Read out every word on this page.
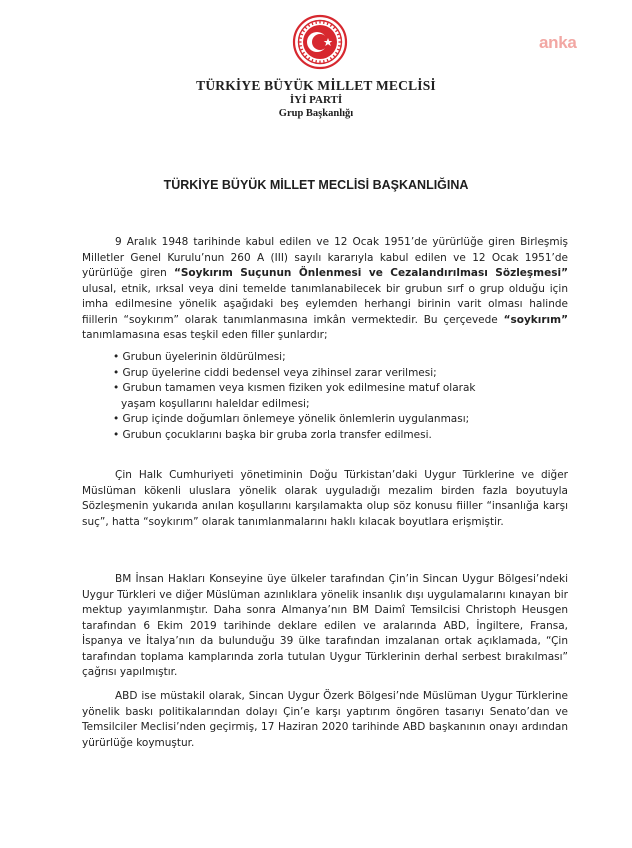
anka
TÜRKİYE BÜYÜK MİLLET MECLİSİ
İYİ PARTİ
Grup Başkanlığı
TÜRKİYE BÜYÜK MİLLET MECLİSİ BAŞKANLIĞINA

9 Aralık 1948 tarihinde kabul edilen ve 12 Ocak 1951’de yürürlüğe giren Birleşmiş Milletler Genel Kurulu’nun 260 A (III) sayılı kararıyla kabul edilen ve 12 Ocak 1951’de yürürlüğe giren “Soykırım Suçunun Önlenmesi ve Cezalandırılması Sözleşmesi” ulusal, etnik, ırksal veya dini temelde tanımlanabilecek bir grubun sırf o grup olduğu için imha edilmesine yönelik aşağıdaki beş eylemden herhangi birinin varit olması halinde fiillerin “soykırım” olarak tanımlanmasına imkân vermektedir. Bu çerçevede “soykırım” tanımlamasına esas teşkil eden filler şunlardır;

• Grubun üyelerinin öldürülmesi;
• Grup üyelerine ciddi bedensel veya zihinsel zarar verilmesi;
• Grubun tamamen veya kısmen fiziken yok edilmesine matuf olarak
yaşam koşullarını haleldar edilmesi;
• Grup içinde doğumları önlemeye yönelik önlemlerin uygulanması;
• Grubun çocuklarını başka bir gruba zorla transfer edilmesi.

Çin Halk Cumhuriyeti yönetiminin Doğu Türkistan’daki Uygur Türklerine ve diğer Müslüman kökenli uluslara yönelik olarak uyguladığı mezalim birden fazla boyutuyla Sözleşmenin yukarıda anılan koşullarını karşılamakta olup söz konusu fiiller “insanlığa karşı suç”, hatta “soykırım” olarak tanımlanmalarını haklı kılacak boyutlara erişmiştir.

BM İnsan Hakları Konseyine üye ülkeler tarafından Çin’in Sincan Uygur Bölgesi’ndeki Uygur Türkleri ve diğer Müslüman azınlıklara yönelik insanlık dışı uygulamalarını kınayan bir mektup yayımlanmıştır. Daha sonra Almanya’nın BM Daimî Temsilcisi Christoph Heusgen tarafından 6 Ekim 2019 tarihinde deklare edilen ve aralarında ABD, İngiltere, Fransa, İspanya ve İtalya’nın da bulunduğu 39 ülke tarafından imzalanan ortak açıklamada, “Çin tarafından toplama kamplarında zorla tutulan Uygur Türklerinin derhal serbest bırakılması” çağrısı yapılmıştır.

ABD ise müstakil olarak, Sincan Uygur Özerk Bölgesi’nde Müslüman Uygur Türklerine yönelik baskı politikalarından dolayı Çin’e karşı yaptırım öngören tasarıyı Senato’dan ve Temsilciler Meclisi’nden geçirmiş, 17 Haziran 2020 tarihinde ABD başkanının onayı ardından yürürlüğe koymuştur.
